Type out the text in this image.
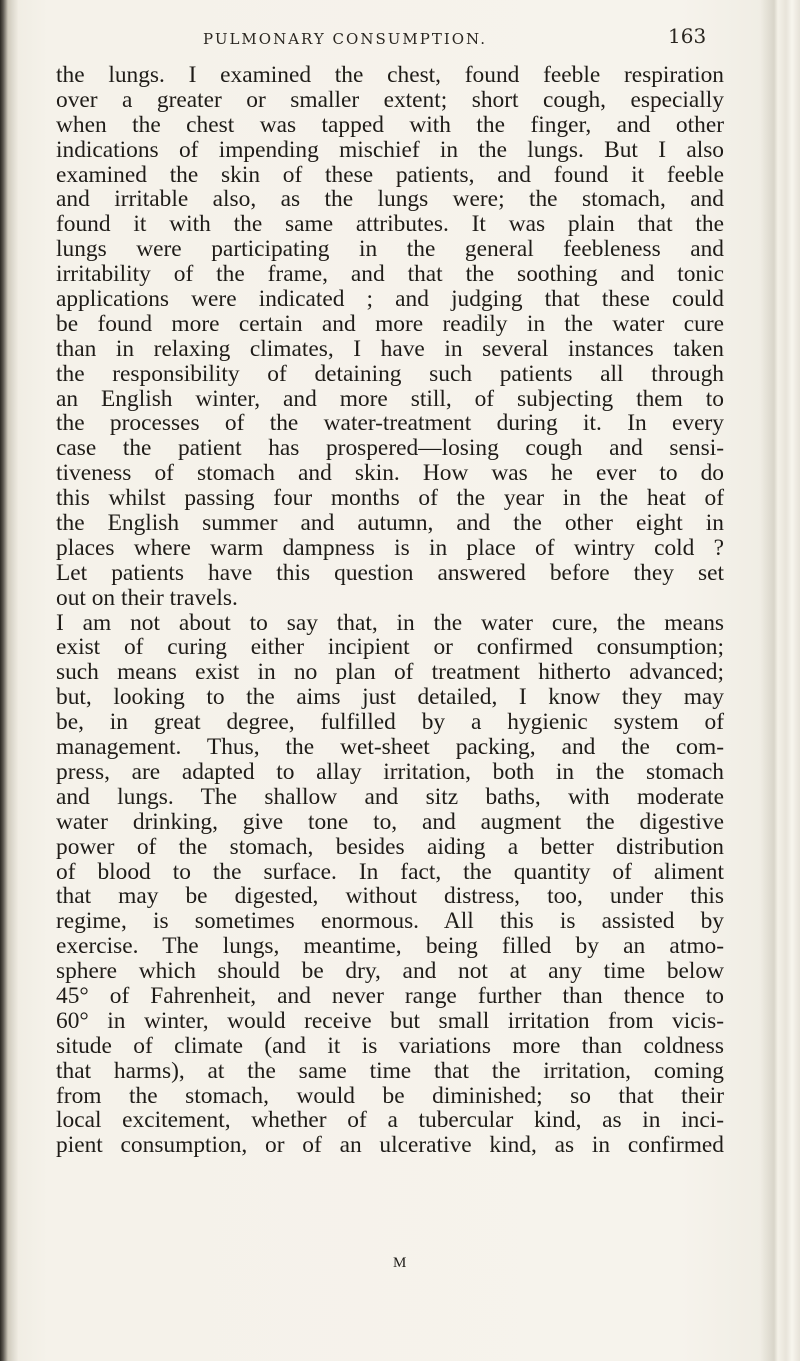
PULMONARY CONSUMPTION.	163
the lungs. I examined the chest, found feeble respiration
over a greater or smaller extent; short cough, especially
when the chest was tapped with the finger, and other
indications of impending mischief in the lungs. But I also
examined the skin of these patients, and found it feeble
and irritable also, as the lungs were; the stomach, and
found it with the same attributes. It was plain that the
lungs were participating in the general feebleness and
irritability of the frame, and that the soothing and tonic
applications were indicated ; and judging that these could
be found more certain and more readily in the water cure
than in relaxing climates, I have in several instances taken
the responsibility of detaining such patients all through
an English winter, and more still, of subjecting them to
the processes of the water-treatment during it. In every
case the patient has prospered—losing cough and sensi-
tiveness of stomach and skin. How was he ever to do
this whilst passing four months of the year in the heat of
the English summer and autumn, and the other eight in
places where warm dampness is in place of wintry cold ?
Let patients have this question answered before they set
out on their travels.
I am not about to say that, in the water cure, the means
exist of curing either incipient or confirmed consumption;
such means exist in no plan of treatment hitherto advanced;
but, looking to the aims just detailed, I know they may
be, in great degree, fulfilled by a hygienic system of
management. Thus, the wet-sheet packing, and the com-
press, are adapted to allay irritation, both in the stomach
and lungs. The shallow and sitz baths, with moderate
water drinking, give tone to, and augment the digestive
power of the stomach, besides aiding a better distribution
of blood to the surface. In fact, the quantity of aliment
that may be digested, without distress, too, under this
regime, is sometimes enormous. All this is assisted by
exercise. The lungs, meantime, being filled by an atmo-
sphere which should be dry, and not at any time below
45° of Fahrenheit, and never range further than thence to
60° in winter, would receive but small irritation from vicis-
situde of climate (and it is variations more than coldness
that harms), at the same time that the irritation, coming
from the stomach, would be diminished; so that their
local excitement, whether of a tubercular kind, as in inci-
pient consumption, or of an ulcerative kind, as in confirmed
M
